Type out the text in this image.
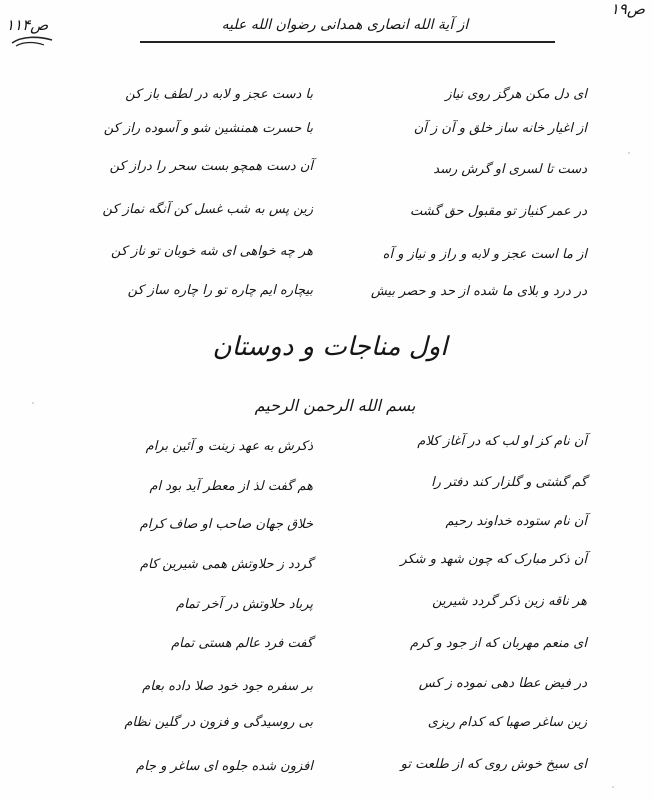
ص۱۱۴
ص۱۹
از آیة ‌الله انصاری همدانی رضوان الله علیه
ای دل مکن هرگز روی نیاز
با دست عجز و لابه در لطف باز کن
از اغیار خانه ساز خلق و آن ز آن
با حسرت همنشین شو و آسوده راز کن
دست تا ‌لسری او گرش رسد
آن دست همچو بست سحر را دراز کن
در عمر کنیاز تو مقبول حق گشت
زین پس به شب غسل کن آنگه نماز کن
از ما است عجز و لابه و راز و نیاز و آه
هر چه خواهی ای شه خوبان تو ناز کن
در درد و بلای ما شده از حد و حصر بیش
بیچاره ایم چاره تو را چاره ساز کن
اول مناجات و دوستان
بسم الله الرحمن الرحیم
آن نام کز او لب که در آغاز کلام
ذکرش به عهد زینت و آئین برام
گم گشتی و گلزار کند دفتر را
هم گفت لذ از معطر آید بود ام
آن نام ستوده خداوند رحیم
خلاق جهان صاحب او صاف کرام
آن ذکر مبارک که چون شهد و شکر
گردد ز حلاوتش همی شیرین کام
هر ناقه زین ذکر گردد شیرین
پرباد حلاوتش در آخر تمام
ای منعم مهربان که از جود و کرم
گفت فرد عالم هستی تمام
در فیض عطا دهی نموده ز کس
بر سفره جود خود صلا داده بعام
زین ساغر صهبا که کدام ریزی
بی‌ روسیدگی و فزون در گلین نظام
ای سیخ خوش روی که از طلعت تو
افزون شده جلوه ای ساغر و جام
